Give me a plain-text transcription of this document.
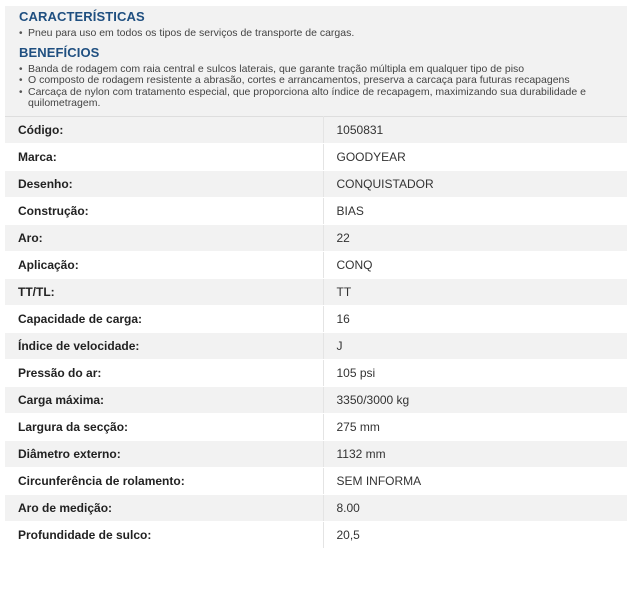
CARACTERÍSTICAS
• Pneu para uso em todos os tipos de serviços de transporte de cargas.
BENEFÍCIOS
• Banda de rodagem com raia central e sulcos laterais, que garante tração múltipla em qualquer tipo de piso
• O composto de rodagem resistente a abrasão, cortes e arrancamentos, preserva a carcaça para futuras recapagens
• Carcaça de nylon com tratamento especial, que proporciona alto índice de recapagem, maximizando sua durabilidade e quilometragem.
Código:	1050831
Marca:	GOODYEAR
Desenho:	CONQUISTADOR
Construção:	BIAS
Aro:	22
Aplicação:	CONQ
TT/TL:	TT
Capacidade de carga:	16
Índice de velocidade:	J
Pressão do ar:	105 psi
Carga máxima:	3350/3000 kg
Largura da secção:	275 mm
Diâmetro externo:	1132 mm
Circunferência de rolamento:	SEM INFORMA
Aro de medição:	8.00
Profundidade de sulco:	20,5
